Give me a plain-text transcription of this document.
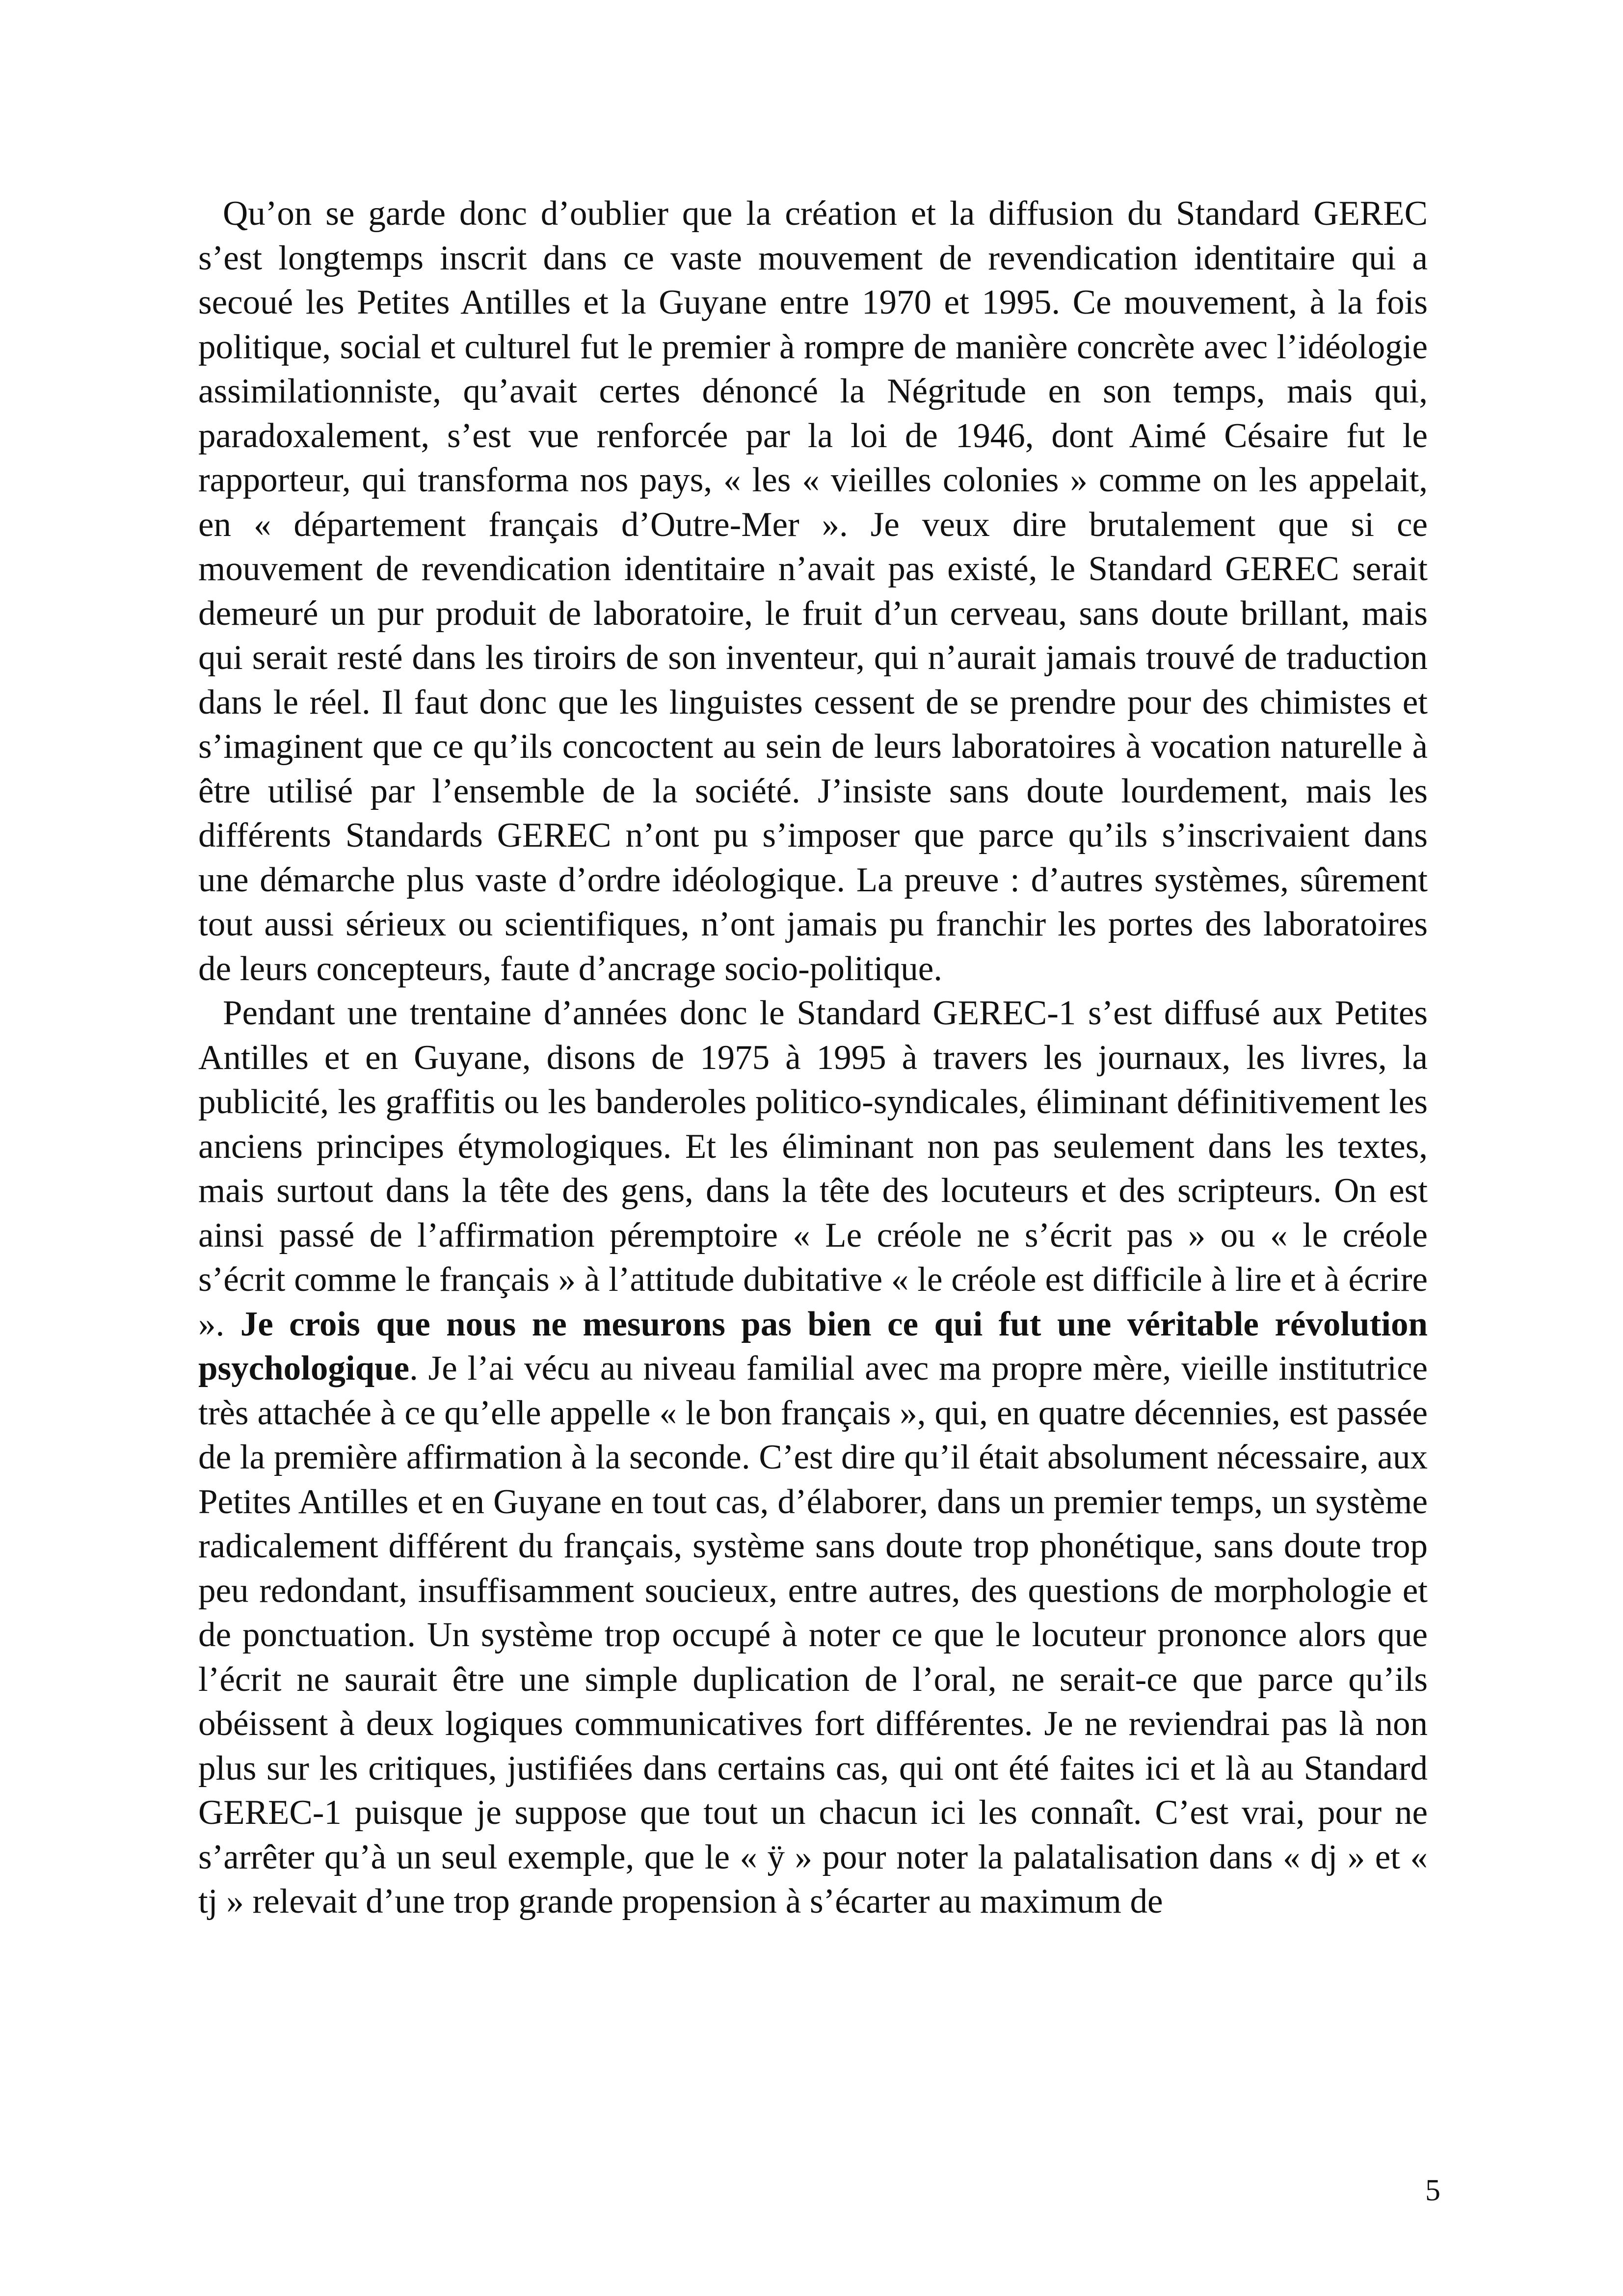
Qu’on se garde donc d’oublier que la création et la diffusion du Standard GEREC s’est longtemps inscrit dans ce vaste mouvement de revendication identitaire qui a secoué les Petites Antilles et la Guyane entre 1970 et 1995. Ce mouvement, à la fois politique, social et culturel fut le premier à rompre de manière concrète avec l’idéologie assimilationniste, qu’avait certes dénoncé la Négritude en son temps, mais qui, paradoxalement, s’est vue renforcée par la loi de 1946, dont Aimé Césaire fut le rapporteur, qui transforma nos pays, « les « vieilles colonies » comme on les appelait, en « département français d’Outre-Mer ». Je veux dire brutalement que si ce mouvement de revendication identitaire n’avait pas existé, le Standard GEREC serait demeuré un pur produit de laboratoire, le fruit d’un cerveau, sans doute brillant, mais qui serait resté dans les tiroirs de son inventeur, qui n’aurait jamais trouvé de traduction dans le réel. Il faut donc que les linguistes cessent de se prendre pour des chimistes et s’imaginent que ce qu’ils concoctent au sein de leurs laboratoires à vocation naturelle à être utilisé par l’ensemble de la société. J’insiste sans doute lourdement, mais les différents Standards GEREC n’ont pu s’imposer que parce qu’ils s’inscrivaient dans une démarche plus vaste d’ordre idéologique. La preuve : d’autres systèmes, sûrement tout aussi sérieux ou scientifiques, n’ont jamais pu franchir les portes des laboratoires de leurs concepteurs, faute d’ancrage socio-politique.

Pendant une trentaine d’années donc le Standard GEREC-1 s’est diffusé aux Petites Antilles et en Guyane, disons de 1975 à 1995 à travers les journaux, les livres, la publicité, les graffitis ou les banderoles politico-syndicales, éliminant définitivement les anciens principes étymologiques. Et les éliminant non pas seulement dans les textes, mais surtout dans la tête des gens, dans la tête des locuteurs et des scripteurs. On est ainsi passé de l’affirmation péremptoire « Le créole ne s’écrit pas » ou « le créole s’écrit comme le français » à l’attitude dubitative « le créole est difficile à lire et à écrire ». Je crois que nous ne mesurons pas bien ce qui fut une véritable révolution psychologique. Je l’ai vécu au niveau familial avec ma propre mère, vieille institutrice très attachée à ce qu’elle appelle « le bon français », qui, en quatre décennies, est passée de la première affirmation à la seconde. C’est dire qu’il était absolument nécessaire, aux Petites Antilles et en Guyane en tout cas, d’élaborer, dans un premier temps, un système radicalement différent du français, système sans doute trop phonétique, sans doute trop peu redondant, insuffisamment soucieux, entre autres, des questions de morphologie et de ponctuation. Un système trop occupé à noter ce que le locuteur prononce alors que l’écrit ne saurait être une simple duplication de l’oral, ne serait-ce que parce qu’ils obéissent à deux logiques communicatives fort différentes. Je ne reviendrai pas là non plus sur les critiques, justifiées dans certains cas, qui ont été faites ici et là au Standard GEREC-1 puisque je suppose que tout un chacun ici les connaît. C’est vrai, pour ne s’arrêter qu’à un seul exemple, que le « ÿ » pour noter la palatalisation dans « dj » et « tj » relevait d’une trop grande propension à s’écarter au maximum de

5
